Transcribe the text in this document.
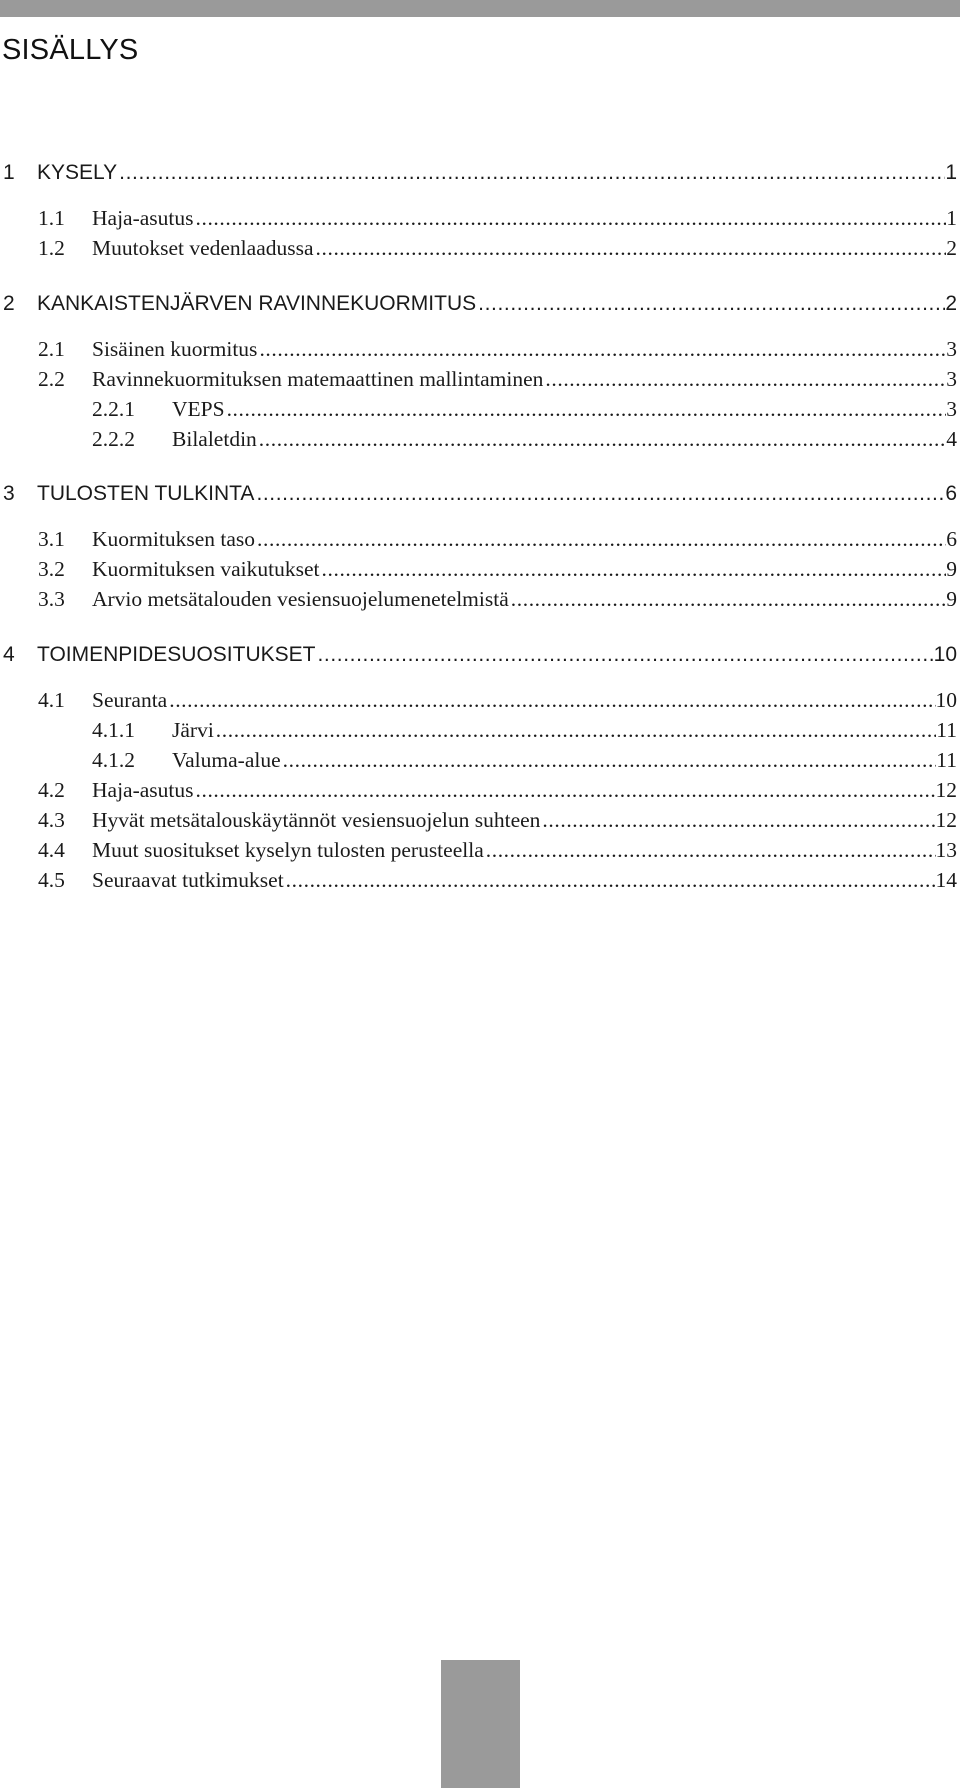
SISÄLLYS
1	KYSELY .....	1
1.1	Haja-asutus .....	1
1.2	Muutokset vedenlaadussa .....	2
2	KANKAISTENJÄRVEN RAVINNEKUORMITUS .....	2
2.1	Sisäinen kuormitus .....	3
2.2	Ravinnekuormituksen matemaattinen mallintaminen .....	3
2.2.1	VEPS .....	3
2.2.2	Bilaletdin .....	4
3	TULOSTEN TULKINTA .....	6
3.1	Kuormituksen taso .....	6
3.2	Kuormituksen vaikutukset .....	9
3.3	Arvio metsätalouden vesiensuojelumenetelmistä .....	9
4	TOIMENPIDESUOSITUKSET .....	10
4.1	Seuranta .....	10
4.1.1	Järvi .....	11
4.1.2	Valuma-alue .....	11
4.2	Haja-asutus .....	12
4.3	Hyvät metsätalouskäytännöt vesiensuojelun suhteen .....	12
4.4	Muut suositukset kyselyn tulosten perusteella .....	13
4.5	Seuraavat tutkimukset .....	14
